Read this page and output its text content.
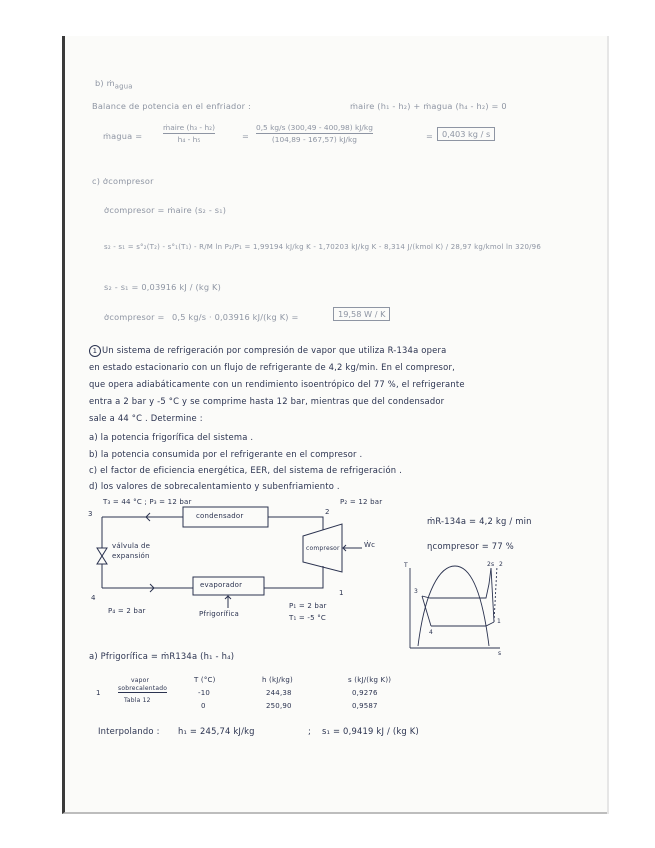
b) ṁ$_{agua}$
Balance de potencia en el enfriador :	ṁaire (h₁ - h₂) + ṁagua (h₄ - h₂) = 0
ṁagua =
ṁaire (h₃ - h₂)
h₄ - h₅	=
0,5 kg/s (300,49 - 400,98) kJ/kg
(104,89 - 167,57) kJ/kg	=	0,403 kg / s
c) σ̇compresor
σ̇compresor = ṁaire (s₂ - s₁)
s₂ - s₁ = s°₂(T₂) - s°₁(T₁) - R/M ln P₂/P₁ = 1,99194 kJ/kg K - 1,70203 kJ/kg K - 8,314 J/(kmol K) / 28,97 kg/kmol ln 320/96
s₂ - s₁ = 0,03916 kJ / (kg K)
σ̇compresor = 0,5 kg/s · 0,03916 kJ/(kg K) =	19,58 W / K
1 Un sistema de refrigeración por compresión de vapor que utiliza R-134a opera
en estado estacionario con un flujo de refrigerante de 4,2 kg/min. En el compresor,
que opera adiabáticamente con un rendimiento isoentrópico del 77 %, el refrigerante
entra a 2 bar y -5 °C y se comprime hasta 12 bar, mientras que del condensador
sale a 44 °C . Determine :
a) la potencia frigorífica del sistema .
b) la potencia consumida por el refrigerante en el compresor .
c) el factor de eficiencia energética, EER, del sistema de refrigeración .
d) los valores de sobrecalentamiento y subenfriamiento .
3
T₃ = 44 °C ; P₃ = 12 bar
2
P₂ = 12 bar
condensador
evaporador
compresor	Ẇc
válvula de
expansión
4
P₄ = 2 bar	Pfrigorífica
1
P₁ = 2 bar
T₁ = -5 °C
ṁR-134a = 4,2 kg / min
ηcompresor = 77 %
T
s
3
4
1
2s 2
a) Pfrigorífica = ṁR134a (h₁ - h₄)
T (°C)	h (kJ/kg)	s (kJ/(kg K))
vapor
sobrecalentado
1
Tabla 12
-10	244,38	0,9276
0	250,90	0,9587
Interpolando : h₁ = 245,74 kJ/kg	; s₁ = 0,9419 kJ / (kg K)
